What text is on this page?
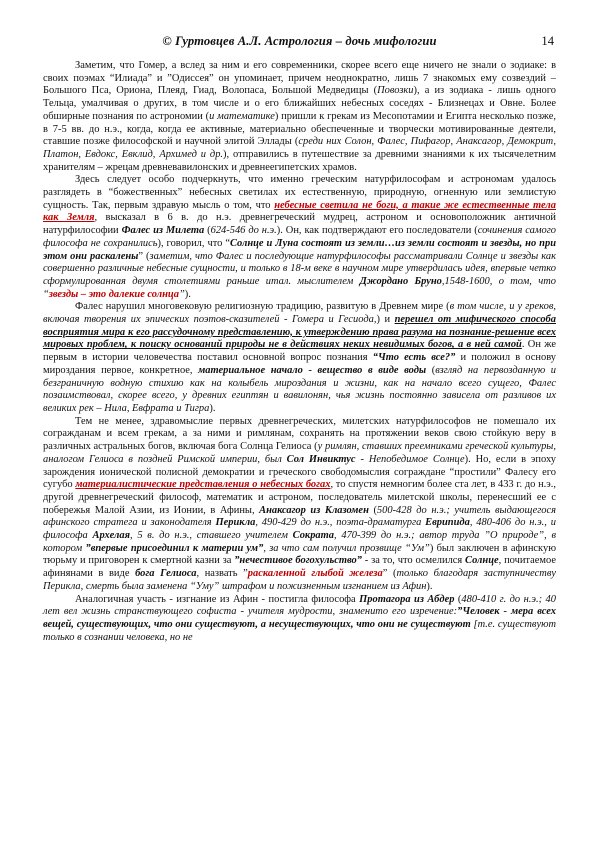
© Гуртовцев А.Л. Астрология – дочь мифологии	14

Заметим, что Гомер, а вслед за ним и его современники, скорее всего еще ничего не знали о зодиаке: в своих поэмах “Илиада” и ”Одиссея” он упоминает, причем неоднократно, лишь 7 знакомых ему созвездий – Большого Пса, Ориона, Плеяд, Гиад, Волопаса, Большой Медведицы (Повозки), а из зодиака - лишь одного Тельца, умалчивая о других, в том числе и о его ближайших небесных соседях - Близнецах и Овне. Более обширные познания по астрономии (и математике) пришли к грекам из Месопотамии и Египта несколько позже, в 7-5 вв. до н.э., когда, когда ее активные, материально обеспеченные и творчески мотивированные деятели, ставшие позже философской и научной элитой Эллады (среди них Солон, Фалес, Пифагор, Анаксагор, Демокрит, Платон, Евдокс, Евклид, Архимед и др.), отправились в путешествие за древними знаниями к их тысячелетним хранителям – жрецам древневавилонских и древнеегипетских храмов.

Здесь следует особо подчеркнуть, что именно греческим натурфилософам и астрономам удалось разглядеть в “божественных” небесных светилах их естественную, природную, огненную или землистую сущность. Так, первым здравую мысль о том, что небесные светила не боги, а такие же естественные тела как Земля, высказал в 6 в. до н.э. древнегреческий мудрец, астроном и основоположник античной натурфилософии Фалес из Милета (624-546 до н.э.). Он, как подтверждают его последователи (сочинения самого философа не сохранились), говорил, что “Солнце и Луна состоят из земли…из земли состоят и звезды, но при этом они раскалены” (заметим, что Фалес и последующие натурфилософы рассматривали Солнце и звезды как совершенно различные небесные сущности, и только в 18-м веке в научном мире утвердилась идея, впервые четко сформулированная двумя столетиями раньше итал. мыслителем Джордано Бруно,1548-1600, о том, что “звезды – это далекие солнца”).

Фалес нарушил многовековую религиозную традицию, развитую в Древнем мире (в том числе, и у греков, включая творения их эпических поэтов-сказителей - Гомера и Гесиода,) и перешел от мифического способа восприятия мира к его рассудочному представлению, к утверждению права разума на познание-решение всех мировых проблем, к поиску оснований природы не в действиях неких невидимых богов, а в ней самой. Он же первым в истории человечества поставил основной вопрос познания “Что есть все?” и положил в основу мироздания первое, конкретное, материальное начало - вещество в виде воды (взгляд на первозданную и безграничную водную стихию как на колыбель мироздания и жизни, как на начало всего сущего, Фалес позаимствовал, скорее всего, у древних египтян и вавилонян, чья жизнь постоянно зависела от разливов их великих рек – Нила, Евфрата и Тигра).

Тем не менее, здравомыслие первых древнегреческих, милетских натурфилософов не помешало их согражданам и всем грекам, а за ними и римлянам, сохранять на протяжении веков свою стойкую веру в различных астральных богов, включая бога Солнца Гелиоса (у римлян, ставших преемниками греческой культуры, аналогом Гелиоса в поздней Римской империи, был Сол Инвиктус - Непобедимое Солнце). Но, если в эпоху зарождения ионической полисной демократии и греческого свободомыслия сограждане “простили” Фалесу его сугубо материалистические представления о небесных богах, то спустя немногим более ста лет, в 433 г. до н.э., другой древнегреческий философ, математик и астроном, последователь милетской школы, перенесший ее с побережья Малой Азии, из Ионии, в Афины, Анаксагор из Клазомен (500-428 до н.э.; учитель выдающегося афинского стратега и законодателя Перикла, 490-429 до н.э., поэта-драматурга Еврипида, 480-406 до н.э., и философа Архелая, 5 в. до н.э., ставшего учителем Сократа, 470-399 до н.э.; автор труда ”О природе”, в котором ”впервые присоединил к материи ум”, за что сам получил прозвище “Ум”) был заключен в афинскую тюрьму и приговорен к смертной казни за ”нечестивое богохульство” - за то, что осмелился Солнце, почитаемое афинянами в виде бога Гелиоса, назвать ”раскаленной глыбой железа” (только благодаря заступничеству Перикла, смерть была заменена “Уму” штрафом и пожизненным изгнанием из Афин).

Аналогичная участь - изгнание из Афин - постигла философа Протагора из Абдер (480-410 г. до н.э.; 40 лет вел жизнь странствующего софиста - учителя мудрости, знаменито его изречение:”Человек - мера всех вещей, существующих, что они существуют, а несуществующих, что они не существуют [т.е. существуют только в сознании человека, но не
